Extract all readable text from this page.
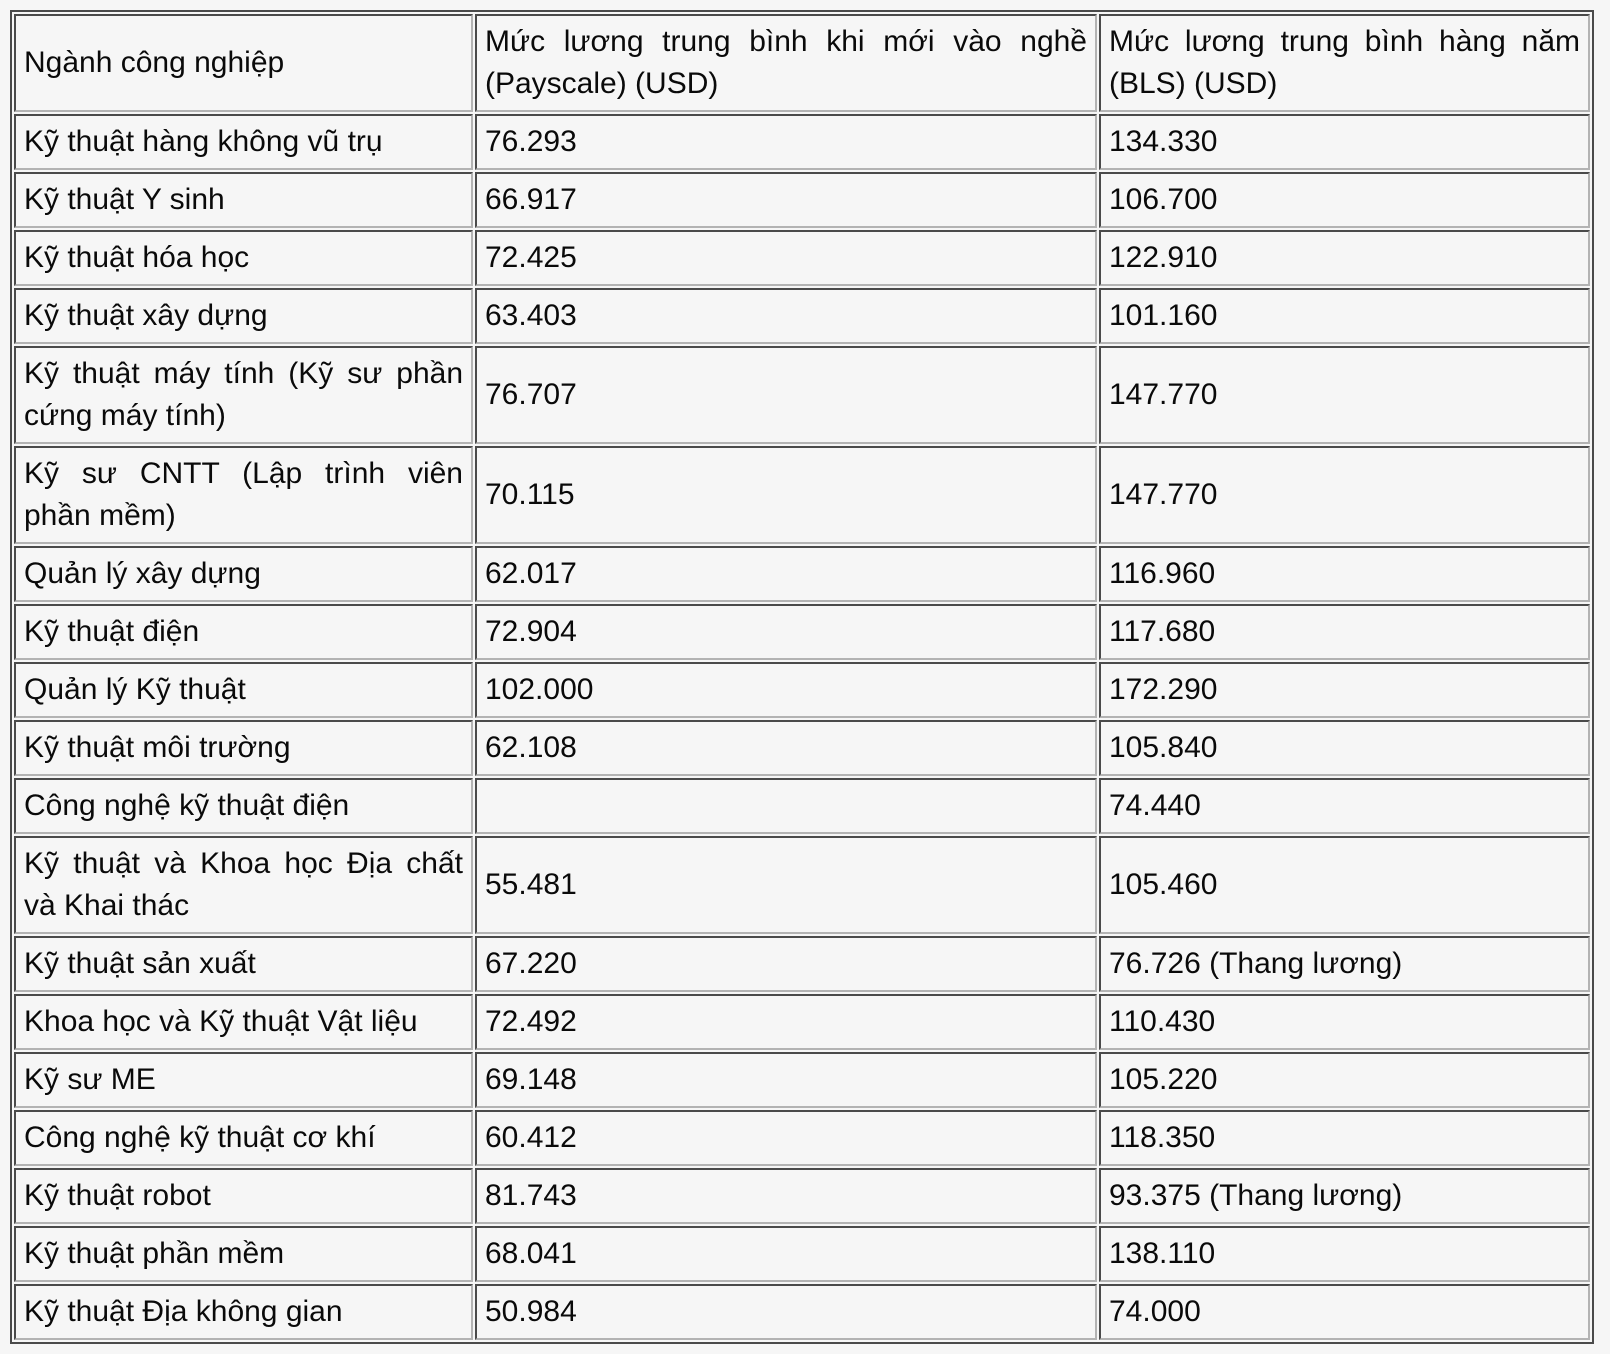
Ngành công nghiệp	Mức lương trung bình khi mới vào nghề (Payscale) (USD)	Mức lương trung bình hàng năm (BLS) (USD)
Kỹ thuật hàng không vũ trụ	76.293	134.330
Kỹ thuật Y sinh	66.917	106.700
Kỹ thuật hóa học	72.425	122.910
Kỹ thuật xây dựng	63.403	101.160
Kỹ thuật máy tính (Kỹ sư phần cứng máy tính)	76.707	147.770
Kỹ sư CNTT (Lập trình viên phần mềm)	70.115	147.770
Quản lý xây dựng	62.017	116.960
Kỹ thuật điện	72.904	117.680
Quản lý Kỹ thuật	102.000	172.290
Kỹ thuật môi trường	62.108	105.840
Công nghệ kỹ thuật điện		74.440
Kỹ thuật và Khoa học Địa chất và Khai thác	55.481	105.460
Kỹ thuật sản xuất	67.220	76.726 (Thang lương)
Khoa học và Kỹ thuật Vật liệu	72.492	110.430
Kỹ sư ME	69.148	105.220
Công nghệ kỹ thuật cơ khí	60.412	118.350
Kỹ thuật robot	81.743	93.375 (Thang lương)
Kỹ thuật phần mềm	68.041	138.110
Kỹ thuật Địa không gian	50.984	74.000
